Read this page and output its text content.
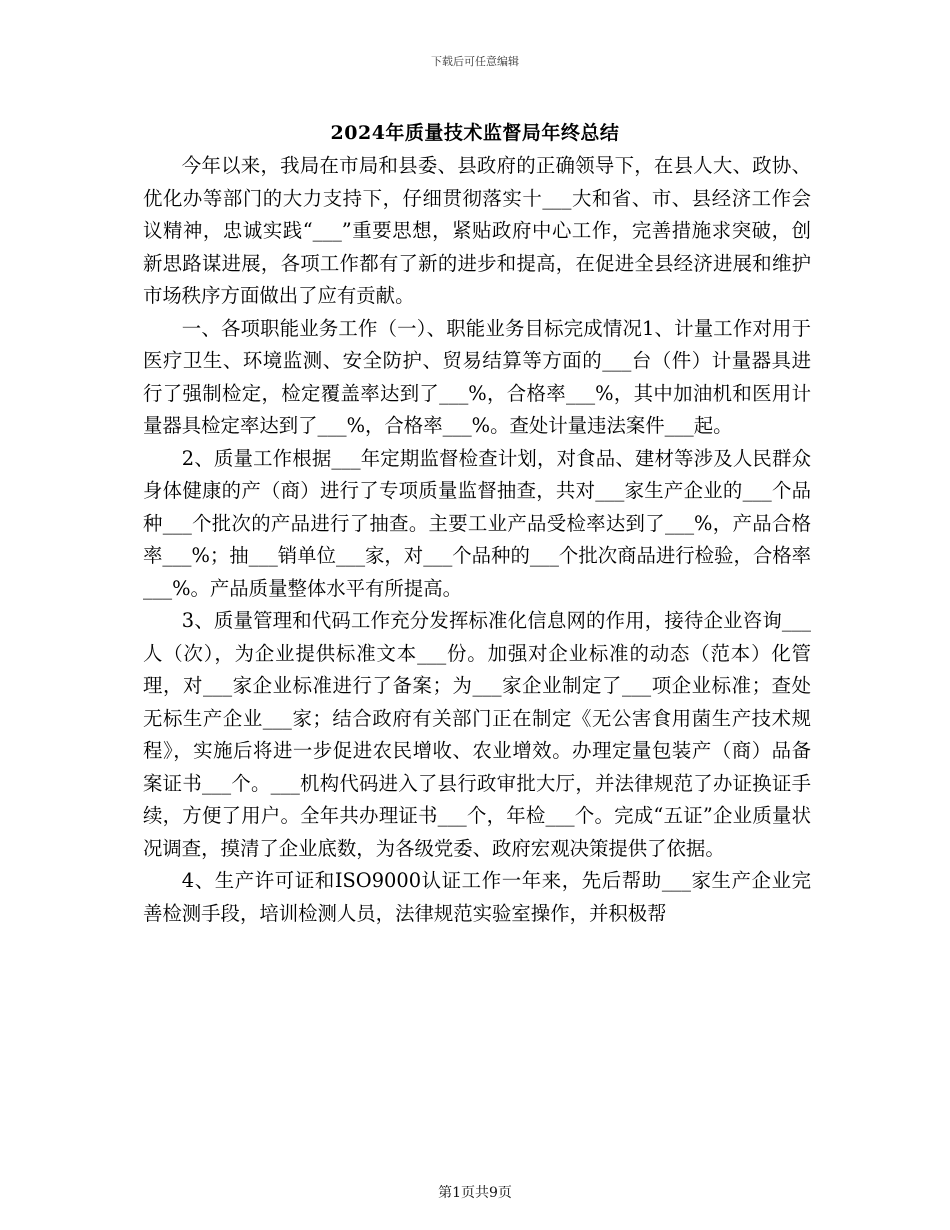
下载后可任意编辑
2024年质量技术监督局年终总结

今年以来，我局在市局和县委、县政府的正确领导下，在县人大、政协、优化办等部门的大力支持下，仔细贯彻落实十___大和省、市、县经济工作会议精神，忠诚实践“___”重要思想，紧贴政府中心工作，完善措施求突破，创新思路谋进展，各项工作都有了新的进步和提高，在促进全县经济进展和维护市场秩序方面做出了应有贡献。

一、各项职能业务工作（一）、职能业务目标完成情况1、计量工作对用于医疗卫生、环境监测、安全防护、贸易结算等方面的___台（件）计量器具进行了强制检定，检定覆盖率达到了___%，合格率___%，其中加油机和医用计量器具检定率达到了___%，合格率___%。查处计量违法案件___起。

2、质量工作根据___年定期监督检查计划，对食品、建材等涉及人民群众身体健康的产（商）进行了专项质量监督抽查，共对___家生产企业的___个品种___个批次的产品进行了抽查。主要工业产品受检率达到了___%，产品合格率___%；抽___销单位___家，对___个品种的___个批次商品进行检验，合格率___%。产品质量整体水平有所提高。

3、质量管理和代码工作充分发挥标准化信息网的作用，接待企业咨询___人（次），为企业提供标准文本___份。加强对企业标准的动态（范本）化管理，对___家企业标准进行了备案；为___家企业制定了___项企业标准；查处无标生产企业___家；结合政府有关部门正在制定《无公害食用菌生产技术规程》，实施后将进一步促进农民增收、农业增效。办理定量包装产（商）品备案证书___个。___机构代码进入了县行政审批大厅，并法律规范了办证换证手续，方便了用户。全年共办理证书___个，年检___个。完成“五证”企业质量状况调查，摸清了企业底数，为各级党委、政府宏观决策提供了依据。

4、生产许可证和ISO9000认证工作一年来，先后帮助___家生产企业完善检测手段，培训检测人员，法律规范实验室操作，并积极帮

第1页共9页
